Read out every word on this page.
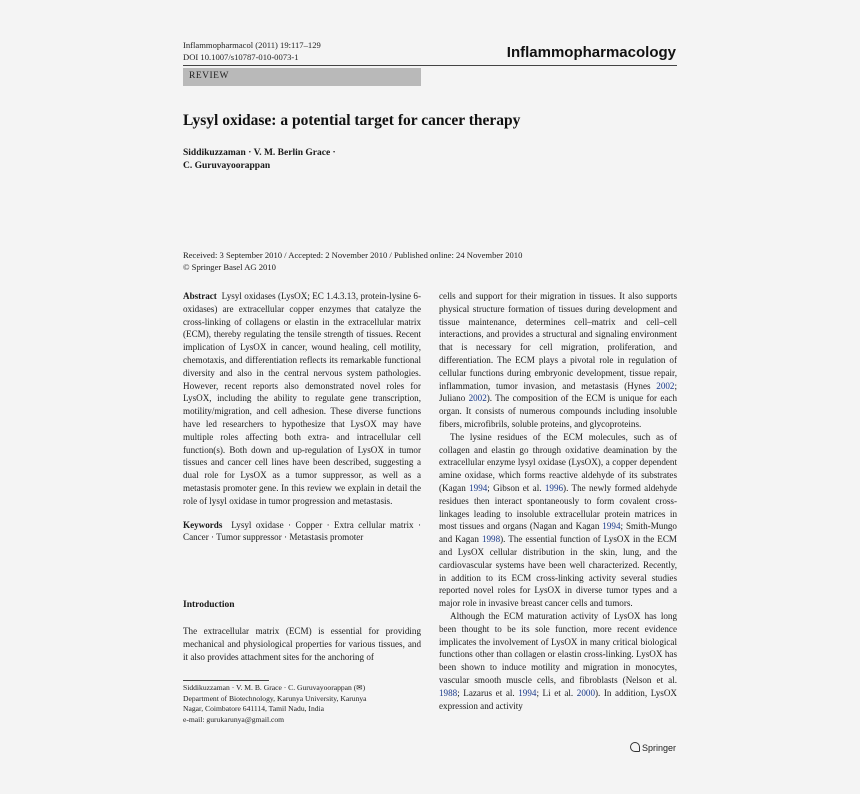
Inflammopharmacol (2011) 19:117–129
DOI 10.1007/s10787-010-0073-1	Inflammopharmacology
REVIEW
Lysyl oxidase: a potential target for cancer therapy
Siddikuzzaman · V. M. Berlin Grace ·
C. Guruvayoorappan
Received: 3 September 2010 / Accepted: 2 November 2010 / Published online: 24 November 2010
© Springer Basel AG 2010

Abstract Lysyl oxidases (LysOX; EC 1.4.3.13, protein-lysine 6-oxidases) are extracellular copper enzymes that catalyze the cross-linking of collagens or elastin in the extracellular matrix (ECM), thereby regulating the tensile strength of tissues. Recent implication of LysOX in cancer, wound healing, cell motility, chemotaxis, and differentiation reflects its remarkable functional diversity and also in the central nervous system pathologies. However, recent reports also demonstrated novel roles for LysOX, including the ability to regulate gene transcription, motility/migration, and cell adhesion. These diverse functions have led researchers to hypothesize that LysOX may have multiple roles affecting both extra- and intracellular cell function(s). Both down and up-regulation of LysOX in tumor tissues and cancer cell lines have been described, suggesting a dual role for LysOX as a tumor suppressor, as well as a metastasis promoter gene. In this review we explain in detail the role of lysyl oxidase in tumor progression and metastasis.

Keywords Lysyl oxidase · Copper · Extra cellular matrix · Cancer · Tumor suppressor · Metastasis promoter

Introduction
The extracellular matrix (ECM) is essential for providing mechanical and physiological properties for various tissues, and it also provides attachment sites for the anchoring of
Siddikuzzaman · V. M. B. Grace · C. Guruvayoorappan (✉)
Department of Biotechnology, Karunya University, Karunya
Nagar, Coimbatore 641114, Tamil Nadu, India
e-mail: gurukarunya@gmail.com

cells and support for their migration in tissues. It also supports physical structure formation of tissues during development and tissue maintenance, determines cell–matrix and cell–cell interactions, and provides a structural and signaling environment that is necessary for cell migration, proliferation, and differentiation. The ECM plays a pivotal role in regulation of cellular functions during embryonic development, tissue repair, inflammation, tumor invasion, and metastasis (Hynes 2002; Juliano 2002). The composition of the ECM is unique for each organ. It consists of numerous compounds including insoluble fibers, microfibrils, soluble proteins, and glycoproteins.

The lysine residues of the ECM molecules, such as of collagen and elastin go through oxidative deamination by the extracellular enzyme lysyl oxidase (LysOX), a copper dependent amine oxidase, which forms reactive aldehyde of its substrates (Kagan 1994; Gibson et al. 1996). The newly formed aldehyde residues then interact spontaneously to form covalent cross-linkages leading to insoluble extracellular protein matrices in most tissues and organs (Nagan and Kagan 1994; Smith-Mungo and Kagan 1998). The essential function of LysOX in the ECM and LysOX cellular distribution in the skin, lung, and the cardiovascular systems have been well characterized. Recently, in addition to its ECM cross-linking activity several studies reported novel roles for LysOX in diverse tumor types and a major role in invasive breast cancer cells and tumors.

Although the ECM maturation activity of LysOX has long been thought to be its sole function, more recent evidence implicates the involvement of LysOX in many critical biological functions other than collagen or elastin cross-linking. LysOX has been shown to induce motility and migration in monocytes, vascular smooth muscle cells, and fibroblasts (Nelson et al. 1988; Lazarus et al. 1994; Li et al. 2000). In addition, LysOX expression and activity

Springer
